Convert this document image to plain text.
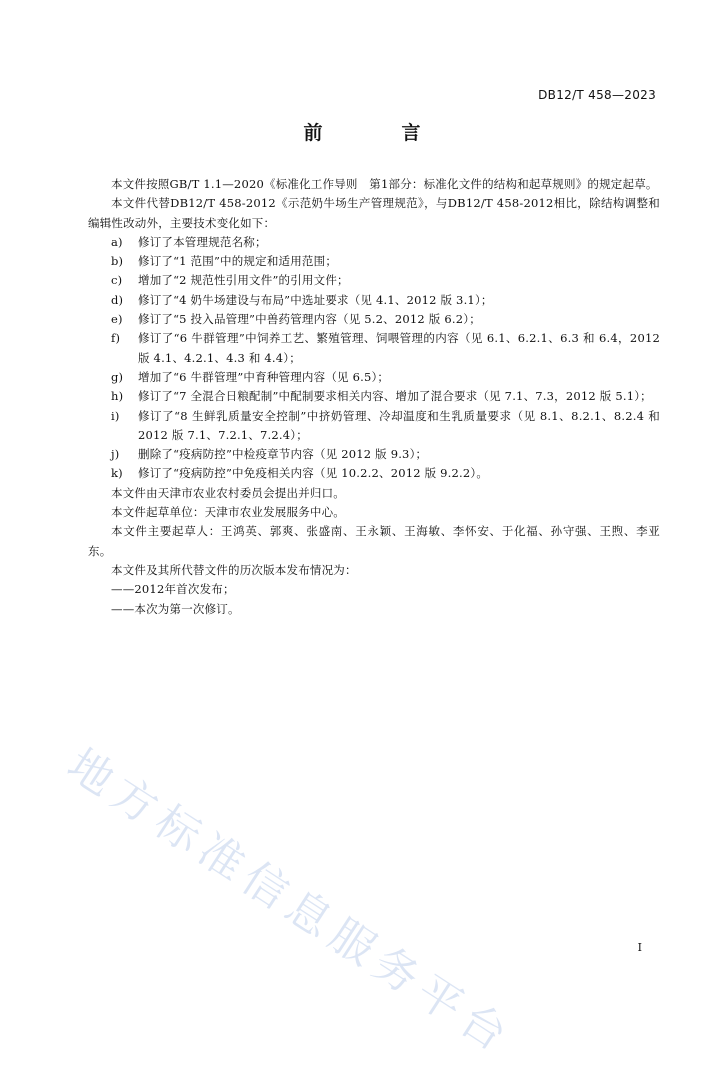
DB12/T 458—2023
前　言

本文件按照GB/T 1.1—2020《标准化工作导则　第1部分：标准化文件的结构和起草规则》的规定起草。

本文件代替DB12/T 458-2012《示范奶牛场生产管理规范》，与DB12/T 458-2012相比，除结构调整和编辑性改动外，主要技术变化如下：

a) 修订了本管理规范名称；
b) 修订了“1 范围”中的规定和适用范围；
c) 增加了“2 规范性引用文件”的引用文件；
d) 修订了“4 奶牛场建设与布局”中选址要求（见 4.1、2012 版 3.1）；
e) 修订了“5 投入品管理”中兽药管理内容（见 5.2、2012 版 6.2）；
f) 修订了“6 牛群管理”中饲养工艺、繁殖管理、饲喂管理的内容（见 6.1、6.2.1、6.3 和 6.4，2012 版 4.1、4.2.1、4.3 和 4.4）；
g) 增加了“6 牛群管理”中育种管理内容（见 6.5）；
h) 修订了“7 全混合日粮配制”中配制要求相关内容、增加了混合要求（见 7.1、7.3，2012 版 5.1）；
i) 修订了“8 生鲜乳质量安全控制”中挤奶管理、冷却温度和生乳质量要求（见 8.1、8.2.1、8.2.4 和 2012 版 7.1、7.2.1、7.2.4）；
j) 删除了“疫病防控”中检疫章节内容（见 2012 版 9.3）；
k) 修订了“疫病防控”中免疫相关内容（见 10.2.2、2012 版 9.2.2）。

本文件由天津市农业农村委员会提出并归口。

本文件起草单位：天津市农业发展服务中心。

本文件主要起草人：王鸿英、郭爽、张盛南、王永颖、王海敏、李怀安、于化福、孙守强、王煦、李亚东。

本文件及其所代替文件的历次版本发布情况为：

——2012年首次发布；

——本次为第一次修订。

地方标准信息服务平台	I
